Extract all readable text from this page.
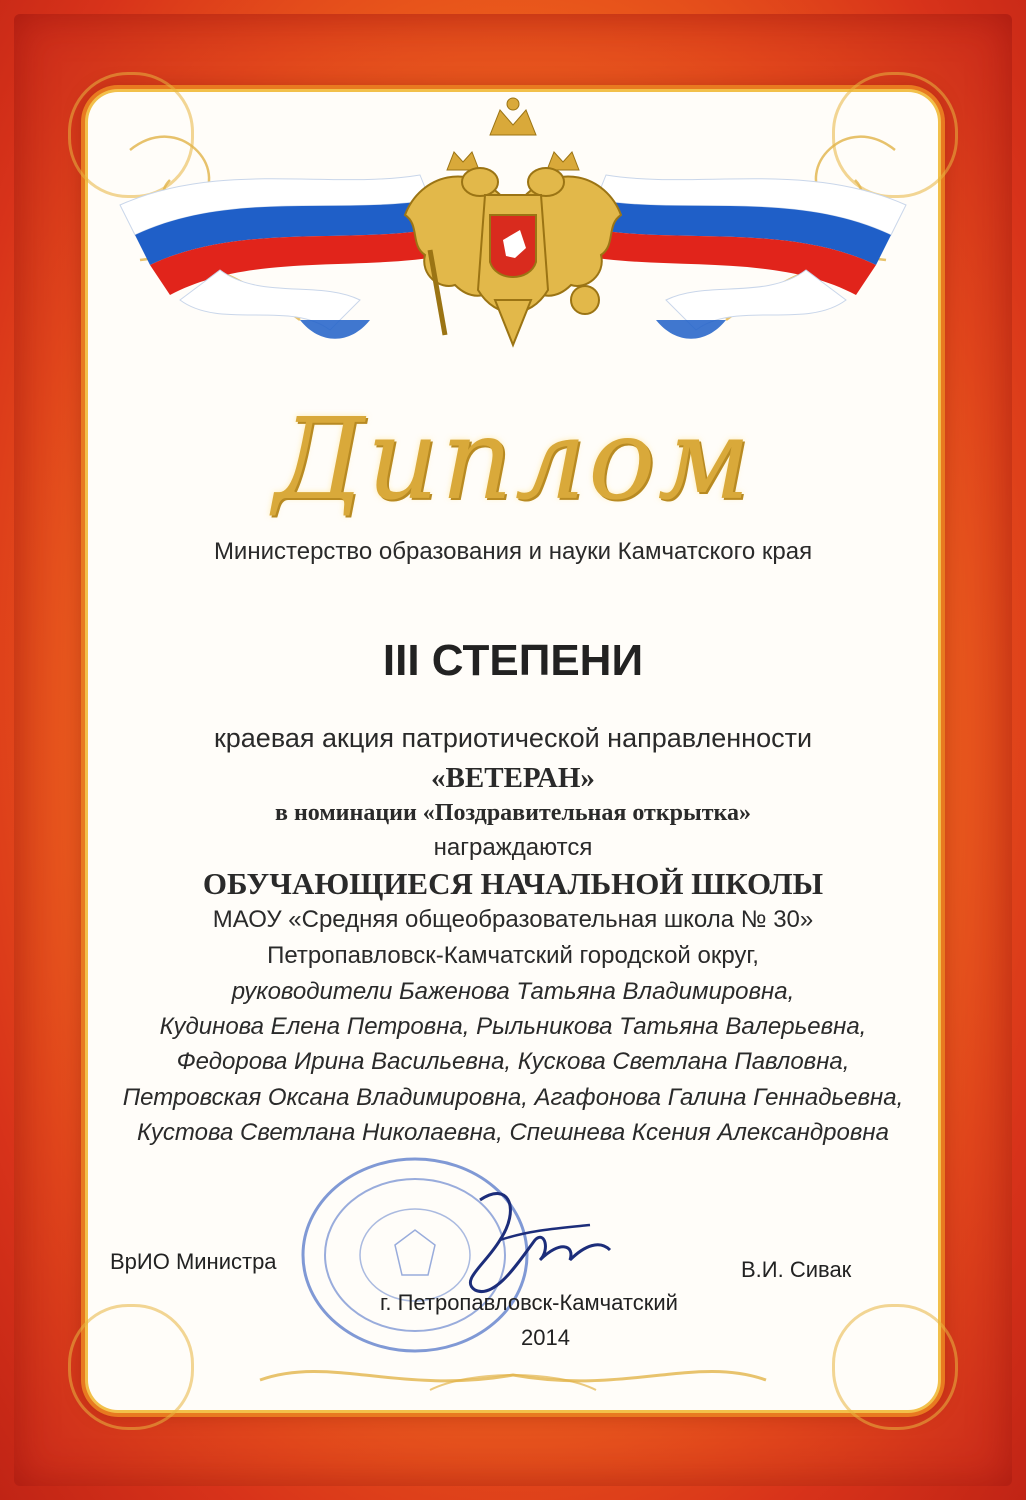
Диплом
Министерство образования и науки Камчатского края
III СТЕПЕНИ
краевая акция патриотической направленности
«ВЕТЕРАН»
в номинации «Поздравительная открытка»
награждаются
ОБУЧАЮЩИЕСЯ НАЧАЛЬНОЙ ШКОЛЫ
МАОУ «Средняя общеобразовательная школа № 30»
Петропавловск-Камчатский городской округ,
руководители Баженова Татьяна Владимировна,
Кудинова Елена Петровна, Рыльникова Татьяна Валерьевна,
Федорова Ирина Васильевна, Кускова Светлана Павловна,
Петровская Оксана Владимировна, Агафонова Галина Геннадьевна,
Кустова Светлана Николаевна, Спешнева Ксения Александровна
ВрИО Министра	В.И. Сивак
г. Петропавловск-Камчатский
2014
